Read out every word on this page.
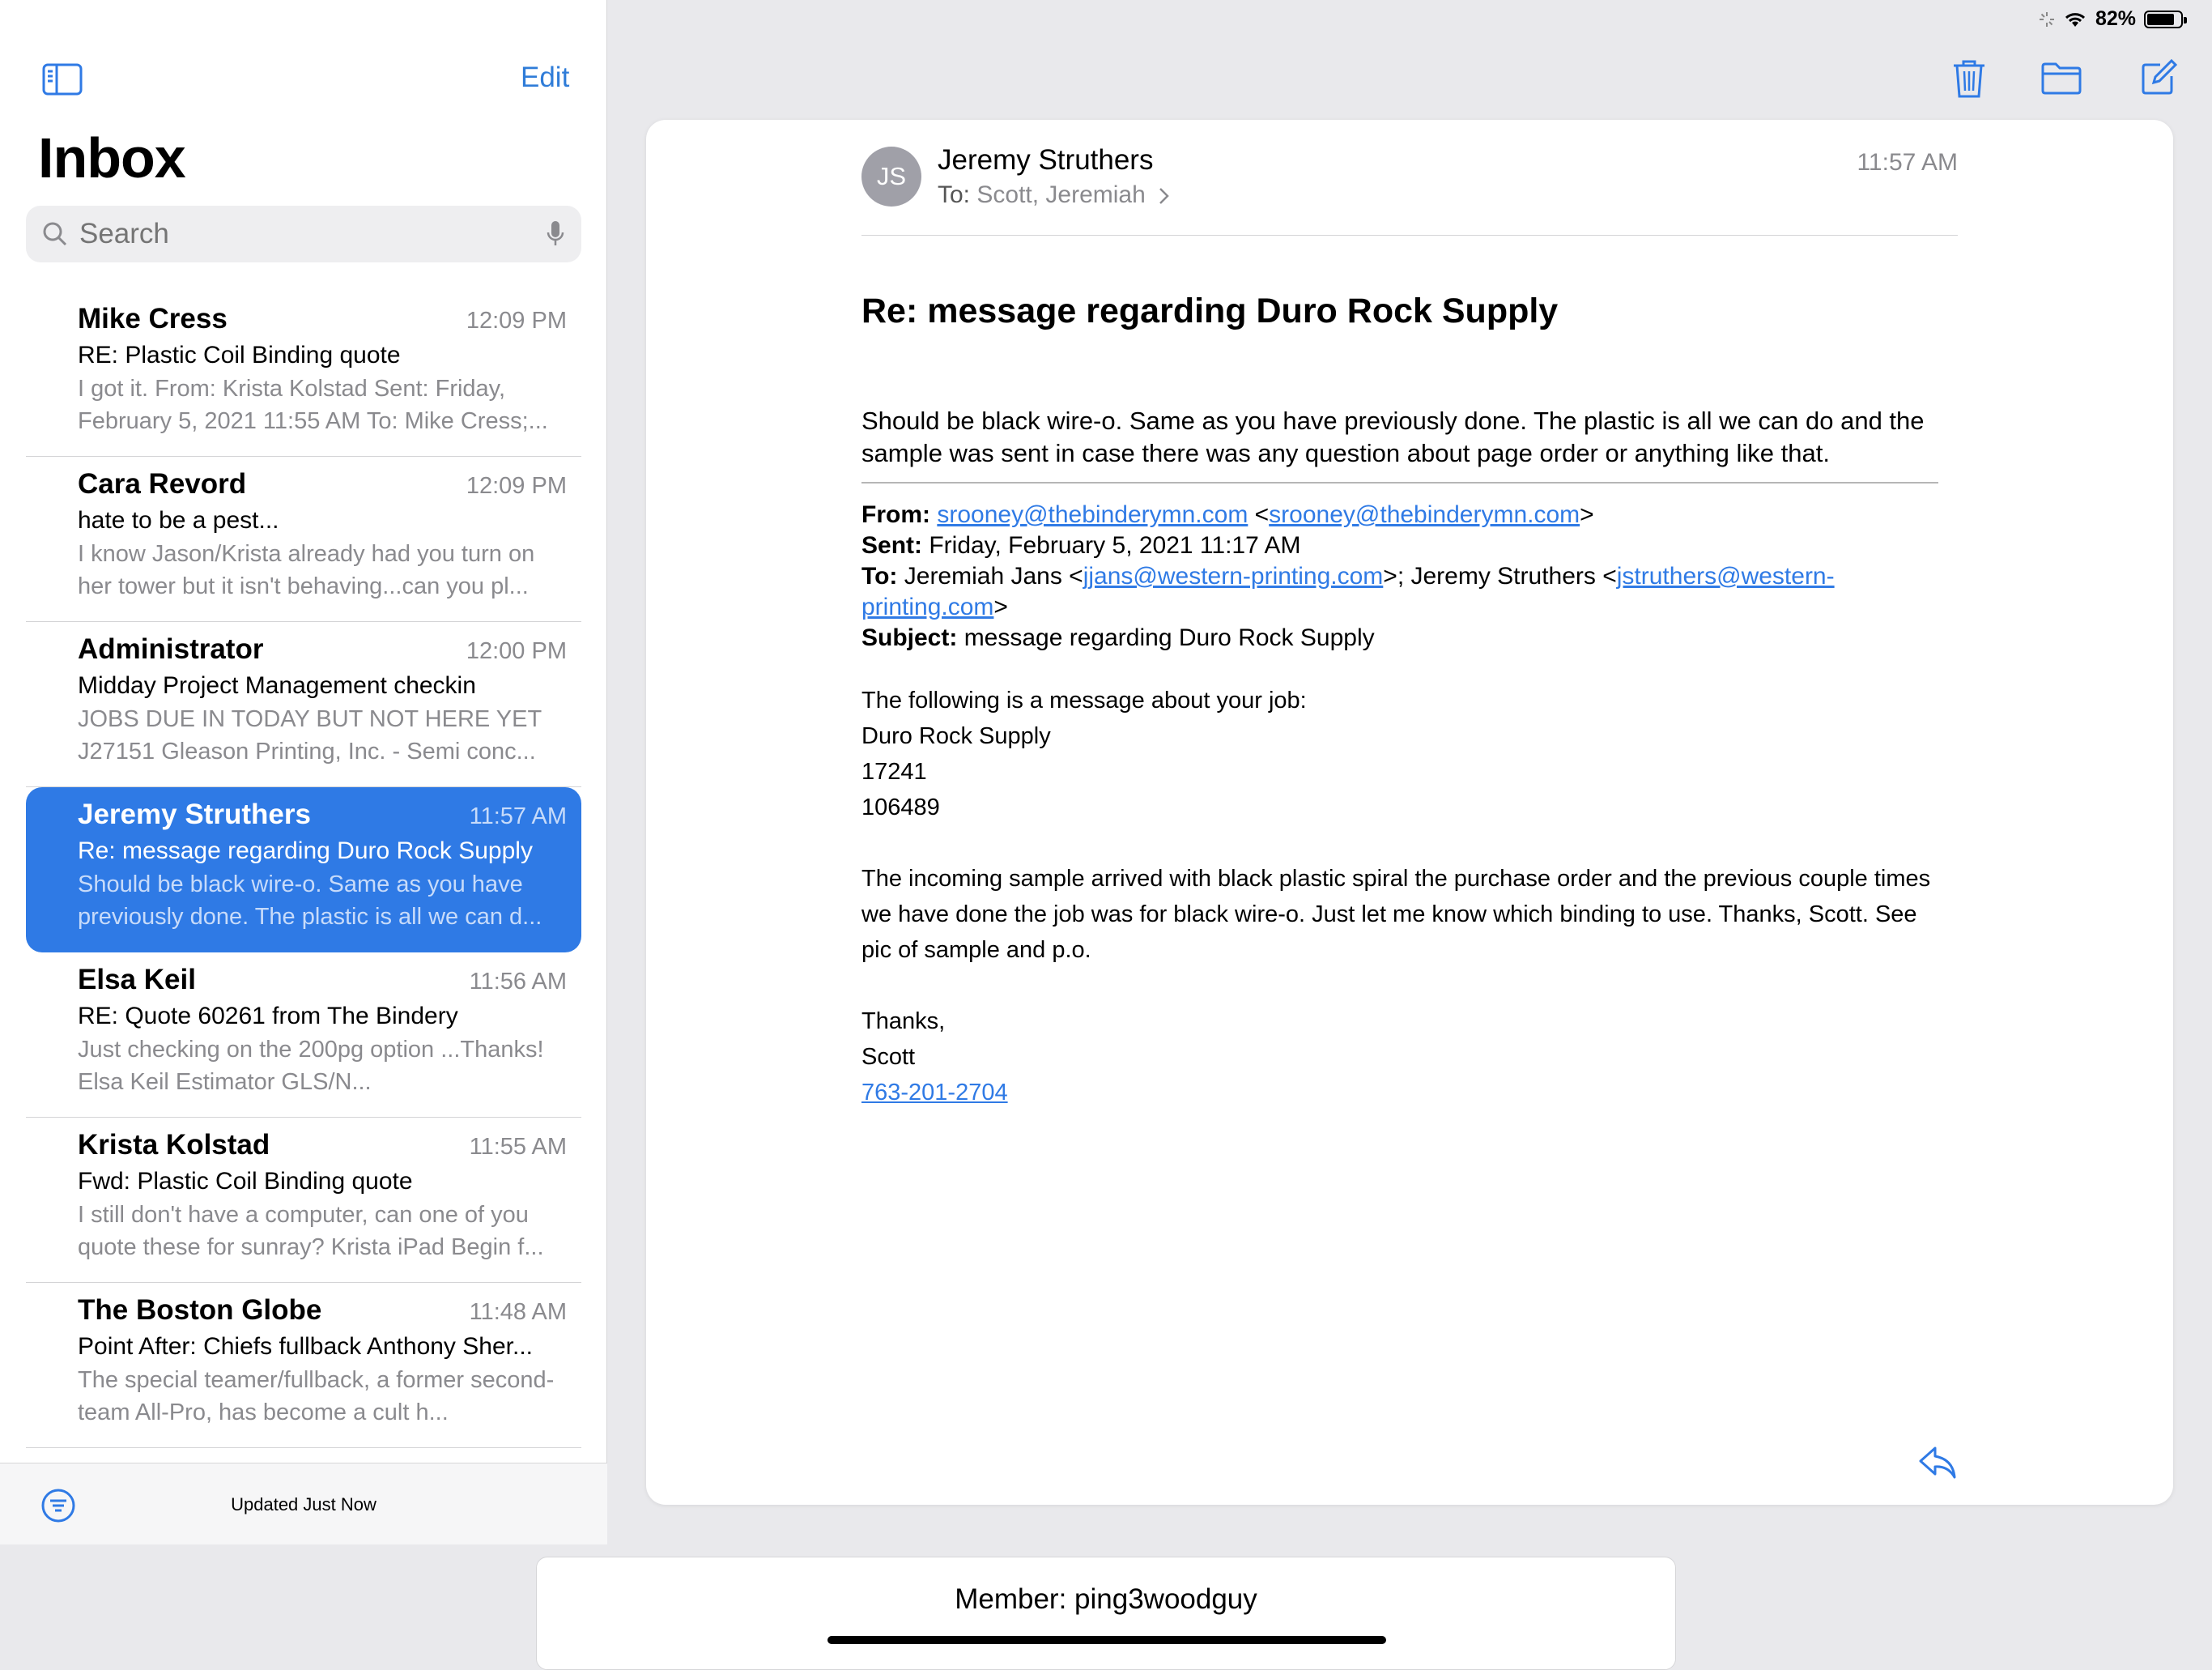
82%
Edit
Inbox
Search
Mike Cress	12:09 PM
RE: Plastic Coil Binding quote
I got it. From: Krista Kolstad Sent: Friday, February 5, 2021 11:55 AM To: Mike Cress;...
Cara Revord	12:09 PM
hate to be a pest...
I know Jason/Krista already had you turn on her tower but it isn't behaving...can you pl...
Administrator	12:00 PM
Midday Project Management checkin
JOBS DUE IN TODAY BUT NOT HERE YET J27151 Gleason Printing, Inc. - Semi conc...
Jeremy Struthers	11:57 AM
Re: message regarding Duro Rock Supply
Should be black wire-o. Same as you have previously done. The plastic is all we can d...
Elsa Keil	11:56 AM
RE: Quote 60261 from The Bindery
Just checking on the 200pg option ...Thanks! Elsa Keil Estimator GLS/N...
Krista Kolstad	11:55 AM
Fwd: Plastic Coil Binding quote
I still don't have a computer, can one of you quote these for sunray? Krista iPad Begin f...
The Boston Globe	11:48 AM
Point After: Chiefs fullback Anthony Sher...
The special teamer/fullback, a former second-team All-Pro, has become a cult h...
Updated Just Now
JS
Jeremy Struthers
To: Scott, Jeremiah
11:57 AM
Re: message regarding Duro Rock Supply
Should be black wire-o. Same as you have previously done. The plastic is all we can do and the sample was sent in case there was any question about page order or anything like that.
From: srooney@thebinderymn.com <srooney@thebinderymn.com>
Sent: Friday, February 5, 2021 11:17 AM
To: Jeremiah Jans <jjans@western-printing.com>; Jeremy Struthers <jstruthers@western-printing.com>
Subject: message regarding Duro Rock Supply

The following is a message about your job:
Duro Rock Supply
17241
106489

The incoming sample arrived with black plastic spiral the purchase order and the previous couple times we have done the job was for black wire-o. Just let me know which binding to use. Thanks, Scott. See pic of sample and p.o.

Thanks,
Scott
763-201-2704

Member: ping3woodguy
